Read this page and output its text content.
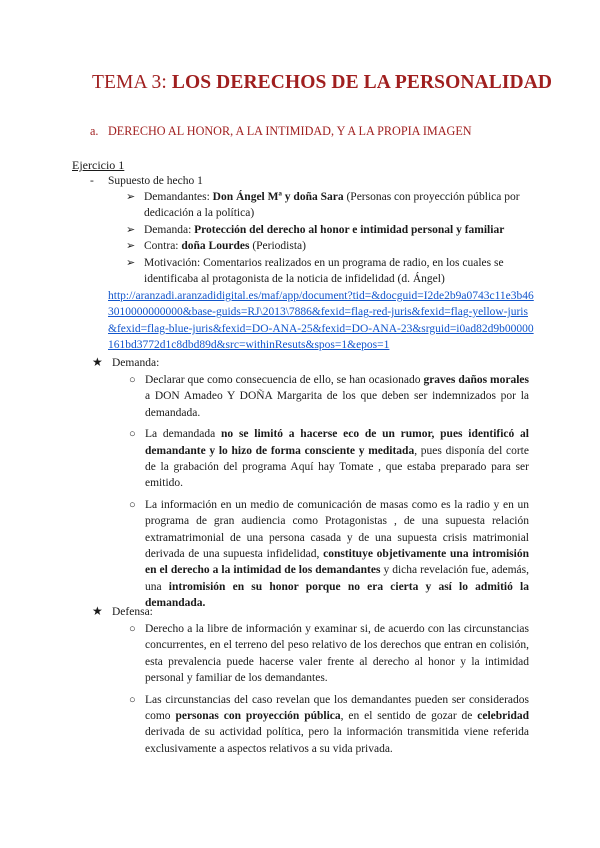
TEMA 3: LOS DERECHOS DE LA PERSONALIDAD
a. DERECHO AL HONOR, A LA INTIMIDAD, Y A LA PROPIA IMAGEN
Ejercicio 1
- Supuesto de hecho 1
➢ Demandantes: Don Ángel Mª y doña Sara (Personas con proyección pública por dedicación a la política)
➢ Demanda: Protección del derecho al honor e intimidad personal y familiar
➢ Contra: doña Lourdes (Periodista)
➢ Motivación: Comentarios realizados en un programa de radio, en los cuales se identificaba al protagonista de la noticia de infidelidad (d. Ángel)
http://aranzadi.aranzadidigital.es/maf/app/document?tid=&docguid=I2de2b9a0743c11e3b463010000000000&base-guids=RJ\2013\7886&fexid=flag-red-juris&fexid=flag-yellow-juris&fexid=flag-blue-juris&fexid=DO-ANA-25&fexid=DO-ANA-23&srguid=i0ad82d9b00000161bd3772d1c8dbd89d&src=withinResuts&spos=1&epos=1
★ Demanda:
○ Declarar que como consecuencia de ello, se han ocasionado graves daños morales a DON Amadeo Y DOÑA Margarita de los que deben ser indemnizados por la demandada.

○ La demandada no se limitó a hacerse eco de un rumor, pues identificó al demandante y lo hizo de forma consciente y meditada, pues disponía del corte de la grabación del programa Aquí hay Tomate , que estaba preparado para ser emitido.

○ La información en un medio de comunicación de masas como es la radio y en un programa de gran audiencia como Protagonistas , de una supuesta relación extramatrimonial de una persona casada y de una supuesta crisis matrimonial derivada de una supuesta infidelidad, constituye objetivamente una intromisión en el derecho a la intimidad de los demandantes y dicha revelación fue, además, una intromisión en su honor porque no era cierta y así lo admitió la demandada.

★ Defensa:
○ Derecho a la libre de información y examinar si, de acuerdo con las circunstancias concurrentes, en el terreno del peso relativo de los derechos que entran en colisión, esta prevalencia puede hacerse valer frente al derecho al honor y la intimidad personal y familiar de los demandantes.

○ Las circunstancias del caso revelan que los demandantes pueden ser considerados como personas con proyección pública, en el sentido de gozar de celebridad derivada de su actividad política, pero la información transmitida viene referida exclusivamente a aspectos relativos a su vida privada.
